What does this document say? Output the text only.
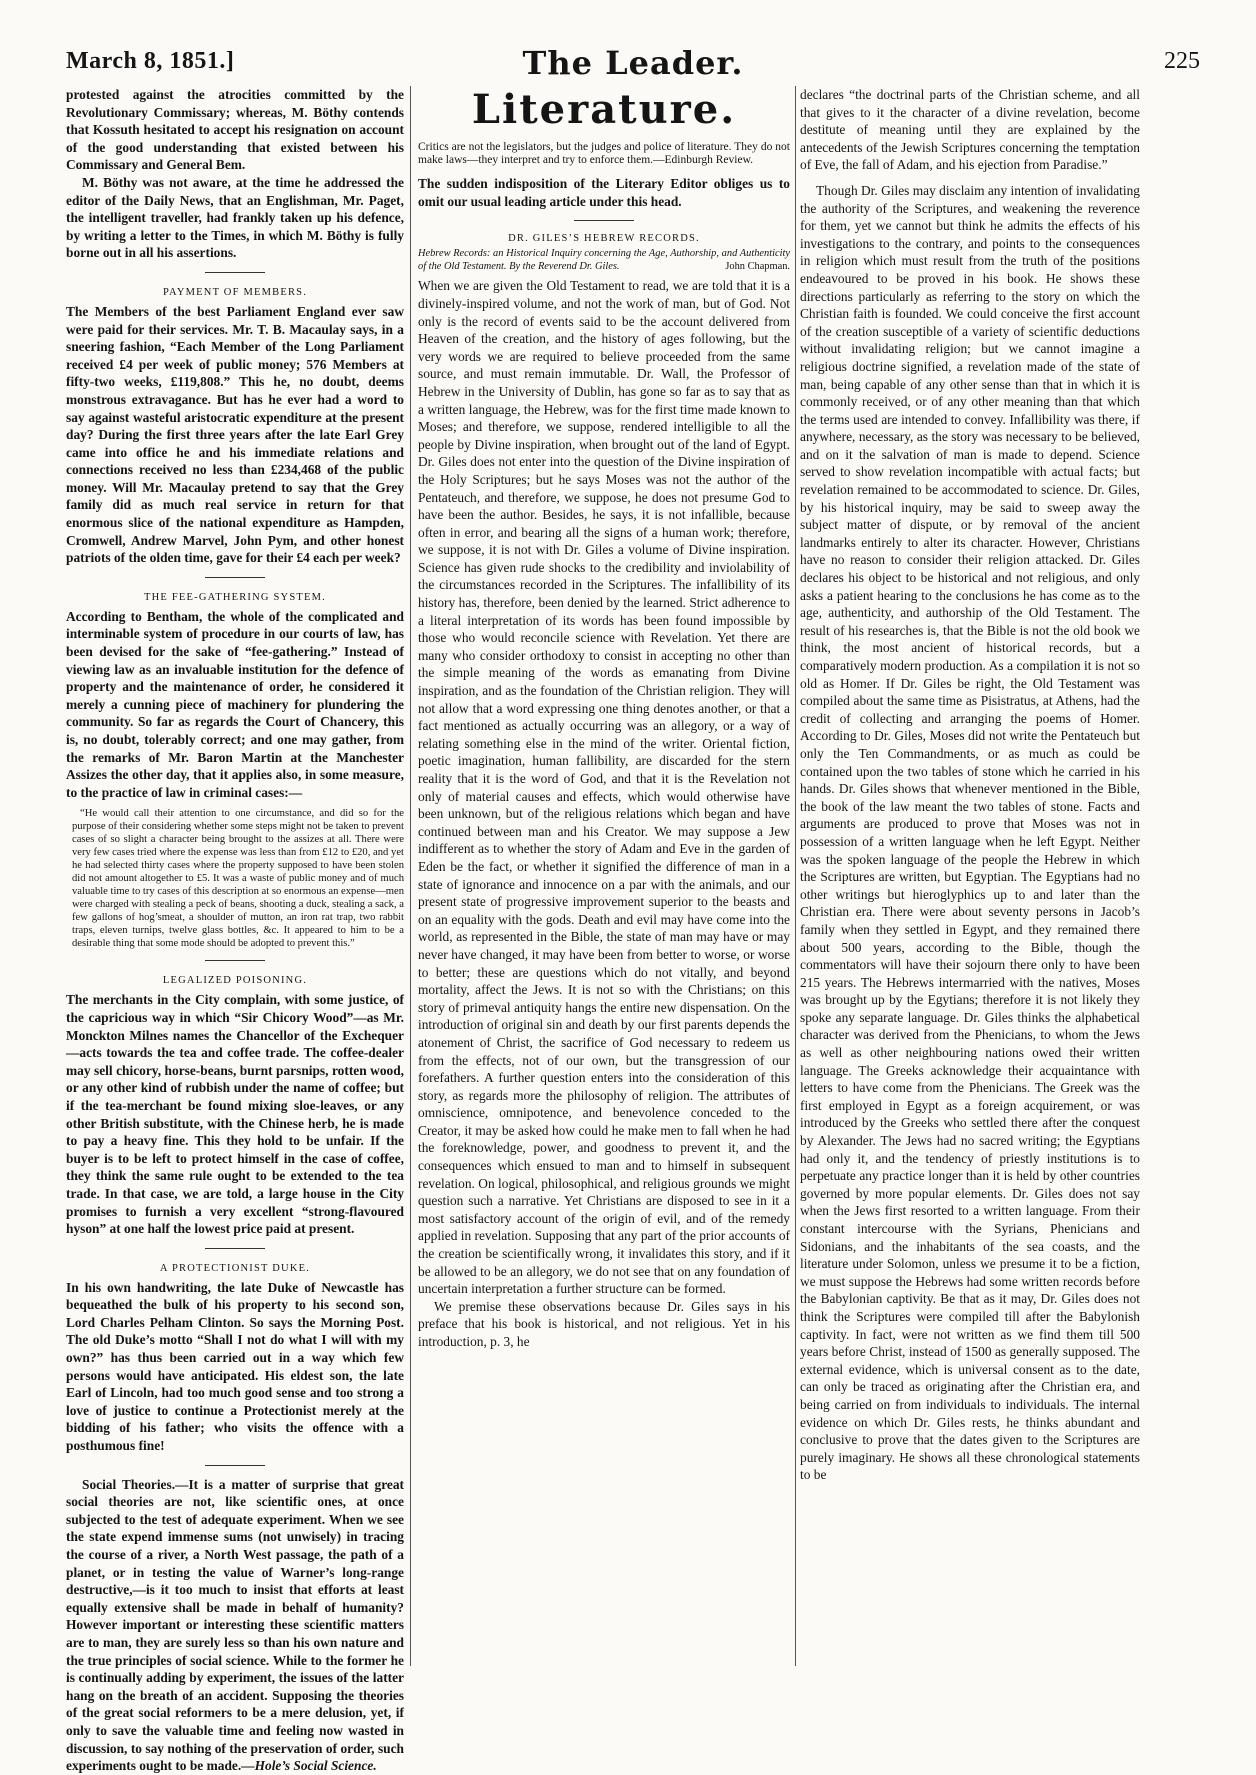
March 8, 1851.]	The Leader.	225

protested against the atrocities committed by the Revolutionary Commissary; whereas, M. Böthy contends that Kossuth hesitated to accept his resignation on account of the good understanding that existed between his Commissary and General Bem.

M. Böthy was not aware, at the time he addressed the editor of the Daily News, that an Englishman, Mr. Paget, the intelligent traveller, had frankly taken up his defence, by writing a letter to the Times, in which M. Böthy is fully borne out in all his assertions.

PAYMENT OF MEMBERS.

The Members of the best Parliament England ever saw were paid for their services. Mr. T. B. Macaulay says, in a sneering fashion, “Each Member of the Long Parliament received £4 per week of public money; 576 Members at fifty-two weeks, £119,808.” This he, no doubt, deems monstrous extravagance. But has he ever had a word to say against wasteful aristocratic expenditure at the present day? During the first three years after the late Earl Grey came into office he and his immediate relations and connections received no less than £234,468 of the public money. Will Mr. Macaulay pretend to say that the Grey family did as much real service in return for that enormous slice of the national expenditure as Hampden, Cromwell, Andrew Marvel, John Pym, and other honest patriots of the olden time, gave for their £4 each per week?

THE FEE-GATHERING SYSTEM.

According to Bentham, the whole of the complicated and interminable system of procedure in our courts of law, has been devised for the sake of “fee-gathering.” Instead of viewing law as an invaluable institution for the defence of property and the maintenance of order, he considered it merely a cunning piece of machinery for plundering the community. So far as regards the Court of Chancery, this is, no doubt, tolerably correct; and one may gather, from the remarks of Mr. Baron Martin at the Manchester Assizes the other day, that it applies also, in some measure, to the practice of law in criminal cases:—

“He would call their attention to one circumstance, and did so for the purpose of their considering whether some steps might not be taken to prevent cases of so slight a character being brought to the assizes at all. There were very few cases tried where the expense was less than from £12 to £20, and yet he had selected thirty cases where the property supposed to have been stolen did not amount altogether to £5. It was a waste of public money and of much valuable time to try cases of this description at so enormous an expense—men were charged with stealing a peck of beans, shooting a duck, stealing a sack, a few gallons of hog’smeat, a shoulder of mutton, an iron rat trap, two rabbit traps, eleven turnips, twelve glass bottles, &c. It appeared to him to be a desirable thing that some mode should be adopted to prevent this.”
LEGALIZED POISONING.

The merchants in the City complain, with some justice, of the capricious way in which “Sir Chicory Wood”—as Mr. Monckton Milnes names the Chancellor of the Exchequer—acts towards the tea and coffee trade. The coffee-dealer may sell chicory, horse-beans, burnt parsnips, rotten wood, or any other kind of rubbish under the name of coffee; but if the tea-merchant be found mixing sloe-leaves, or any other British substitute, with the Chinese herb, he is made to pay a heavy fine. This they hold to be unfair. If the buyer is to be left to protect himself in the case of coffee, they think the same rule ought to be extended to the tea trade. In that case, we are told, a large house in the City promises to furnish a very excellent “strong-flavoured hyson” at one half the lowest price paid at present.

A PROTECTIONIST DUKE.

In his own handwriting, the late Duke of Newcastle has bequeathed the bulk of his property to his second son, Lord Charles Pelham Clinton. So says the Morning Post. The old Duke’s motto “Shall I not do what I will with my own?” has thus been carried out in a way which few persons would have anticipated. His eldest son, the late Earl of Lincoln, had too much good sense and too strong a love of justice to continue a Protectionist merely at the bidding of his father; who visits the offence with a posthumous fine!

Social Theories.—It is a matter of surprise that great social theories are not, like scientific ones, at once subjected to the test of adequate experiment. When we see the state expend immense sums (not unwisely) in tracing the course of a river, a North West passage, the path of a planet, or in testing the value of Warner’s long-range destructive,—is it too much to insist that efforts at least equally extensive shall be made in behalf of humanity? However important or interesting these scientific matters are to man, they are surely less so than his own nature and the true principles of social science. While to the former he is continually adding by experiment, the issues of the latter hang on the breath of an accident. Supposing the theories of the great social reformers to be a mere delusion, yet, if only to save the valuable time and feeling now wasted in discussion, to say nothing of the preservation of order, such experiments ought to be made.—Hole’s Social Science.

Literature.

Critics are not the legislators, but the judges and police of literature. They do not make laws—they interpret and try to enforce them.—Edinburgh Review.

The sudden indisposition of the Literary Editor obliges us to omit our usual leading article under this head.

DR. GILES’S HEBREW RECORDS.
Hebrew Records: an Historical Inquiry concerning the Age, Authorship, and Authenticity of the Old Testament. By the Reverend Dr. Giles.	John Chapman.

When we are given the Old Testament to read, we are told that it is a divinely-inspired volume, and not the work of man, but of God. Not only is the record of events said to be the account delivered from Heaven of the creation, and the history of ages following, but the very words we are required to believe proceeded from the same source, and must remain immutable. Dr. Wall, the Professor of Hebrew in the University of Dublin, has gone so far as to say that as a written language, the Hebrew, was for the first time made known to Moses; and therefore, we suppose, rendered intelligible to all the people by Divine inspiration, when brought out of the land of Egypt. Dr. Giles does not enter into the question of the Divine inspiration of the Holy Scriptures; but he says Moses was not the author of the Pentateuch, and therefore, we suppose, he does not presume God to have been the author. Besides, he says, it is not infallible, because often in error, and bearing all the signs of a human work; therefore, we suppose, it is not with Dr. Giles a volume of Divine inspiration. Science has given rude shocks to the credibility and inviolability of the circumstances recorded in the Scriptures. The infallibility of its history has, therefore, been denied by the learned. Strict adherence to a literal interpretation of its words has been found impossible by those who would reconcile science with Revelation. Yet there are many who consider orthodoxy to consist in accepting no other than the simple meaning of the words as emanating from Divine inspiration, and as the foundation of the Christian religion. They will not allow that a word expressing one thing denotes another, or that a fact mentioned as actually occurring was an allegory, or a way of relating something else in the mind of the writer. Oriental fiction, poetic imagination, human fallibility, are discarded for the stern reality that it is the word of God, and that it is the Revelation not only of material causes and effects, which would otherwise have been unknown, but of the religious relations which began and have continued between man and his Creator. We may suppose a Jew indifferent as to whether the story of Adam and Eve in the garden of Eden be the fact, or whether it signified the difference of man in a state of ignorance and innocence on a par with the animals, and our present state of progressive improvement superior to the beasts and on an equality with the gods. Death and evil may have come into the world, as represented in the Bible, the state of man may have or may never have changed, it may have been from better to worse, or worse to better; these are questions which do not vitally, and beyond mortality, affect the Jews. It is not so with the Christians; on this story of primeval antiquity hangs the entire new dispensation. On the introduction of original sin and death by our first parents depends the atonement of Christ, the sacrifice of God necessary to redeem us from the effects, not of our own, but the transgression of our forefathers. A further question enters into the consideration of this story, as regards more the philosophy of religion. The attributes of omniscience, omnipotence, and benevolence conceded to the Creator, it may be asked how could he make men to fall when he had the foreknowledge, power, and goodness to prevent it, and the consequences which ensued to man and to himself in subsequent revelation. On logical, philosophical, and religious grounds we might question such a narrative. Yet Christians are disposed to see in it a most satisfactory account of the origin of evil, and of the remedy applied in revelation. Supposing that any part of the prior accounts of the creation be scientifically wrong, it invalidates this story, and if it be allowed to be an allegory, we do not see that on any foundation of uncertain interpretation a further structure can be formed.

We premise these observations because Dr. Giles says in his preface that his book is historical, and not religious. Yet in his introduction, p. 3, he

declares “the doctrinal parts of the Christian scheme, and all that gives to it the character of a divine revelation, become destitute of meaning until they are explained by the antecedents of the Jewish Scriptures concerning the temptation of Eve, the fall of Adam, and his ejection from Paradise.”

Though Dr. Giles may disclaim any intention of invalidating the authority of the Scriptures, and weakening the reverence for them, yet we cannot but think he admits the effects of his investigations to the contrary, and points to the consequences in religion which must result from the truth of the positions endeavoured to be proved in his book. He shows these directions particularly as referring to the story on which the Christian faith is founded. We could conceive the first account of the creation susceptible of a variety of scientific deductions without invalidating religion; but we cannot imagine a religious doctrine signified, a revelation made of the state of man, being capable of any other sense than that in which it is commonly received, or of any other meaning than that which the terms used are intended to convey. Infallibility was there, if anywhere, necessary, as the story was necessary to be believed, and on it the salvation of man is made to depend. Science served to show revelation incompatible with actual facts; but revelation remained to be accommodated to science. Dr. Giles, by his historical inquiry, may be said to sweep away the subject matter of dispute, or by removal of the ancient landmarks entirely to alter its character. However, Christians have no reason to consider their religion attacked. Dr. Giles declares his object to be historical and not religious, and only asks a patient hearing to the conclusions he has come as to the age, authenticity, and authorship of the Old Testament. The result of his researches is, that the Bible is not the old book we think, the most ancient of historical records, but a comparatively modern production. As a compilation it is not so old as Homer. If Dr. Giles be right, the Old Testament was compiled about the same time as Pisistratus, at Athens, had the credit of collecting and arranging the poems of Homer. According to Dr. Giles, Moses did not write the Pentateuch but only the Ten Commandments, or as much as could be contained upon the two tables of stone which he carried in his hands. Dr. Giles shows that whenever mentioned in the Bible, the book of the law meant the two tables of stone. Facts and arguments are produced to prove that Moses was not in possession of a written language when he left Egypt. Neither was the spoken language of the people the Hebrew in which the Scriptures are written, but Egyptian. The Egyptians had no other writings but hieroglyphics up to and later than the Christian era. There were about seventy persons in Jacob’s family when they settled in Egypt, and they remained there about 500 years, according to the Bible, though the commentators will have their sojourn there only to have been 215 years. The Hebrews intermarried with the natives, Moses was brought up by the Egytians; therefore it is not likely they spoke any separate language. Dr. Giles thinks the alphabetical character was derived from the Phenicians, to whom the Jews as well as other neighbouring nations owed their written language. The Greeks acknowledge their acquaintance with letters to have come from the Phenicians. The Greek was the first employed in Egypt as a foreign acquirement, or was introduced by the Greeks who settled there after the conquest by Alexander. The Jews had no sacred writing; the Egyptians had only it, and the tendency of priestly institutions is to perpetuate any practice longer than it is held by other countries governed by more popular elements. Dr. Giles does not say when the Jews first resorted to a written language. From their constant intercourse with the Syrians, Phenicians and Sidonians, and the inhabitants of the sea coasts, and the literature under Solomon, unless we presume it to be a fiction, we must suppose the Hebrews had some written records before the Babylonian captivity. Be that as it may, Dr. Giles does not think the Scriptures were compiled till after the Babylonish captivity. In fact, were not written as we find them till 500 years before Christ, instead of 1500 as generally supposed. The external evidence, which is universal consent as to the date, can only be traced as originating after the Christian era, and being carried on from individuals to individuals. The internal evidence on which Dr. Giles rests, he thinks abundant and conclusive to prove that the dates given to the Scriptures are purely imaginary. He shows all these chronological statements to be
